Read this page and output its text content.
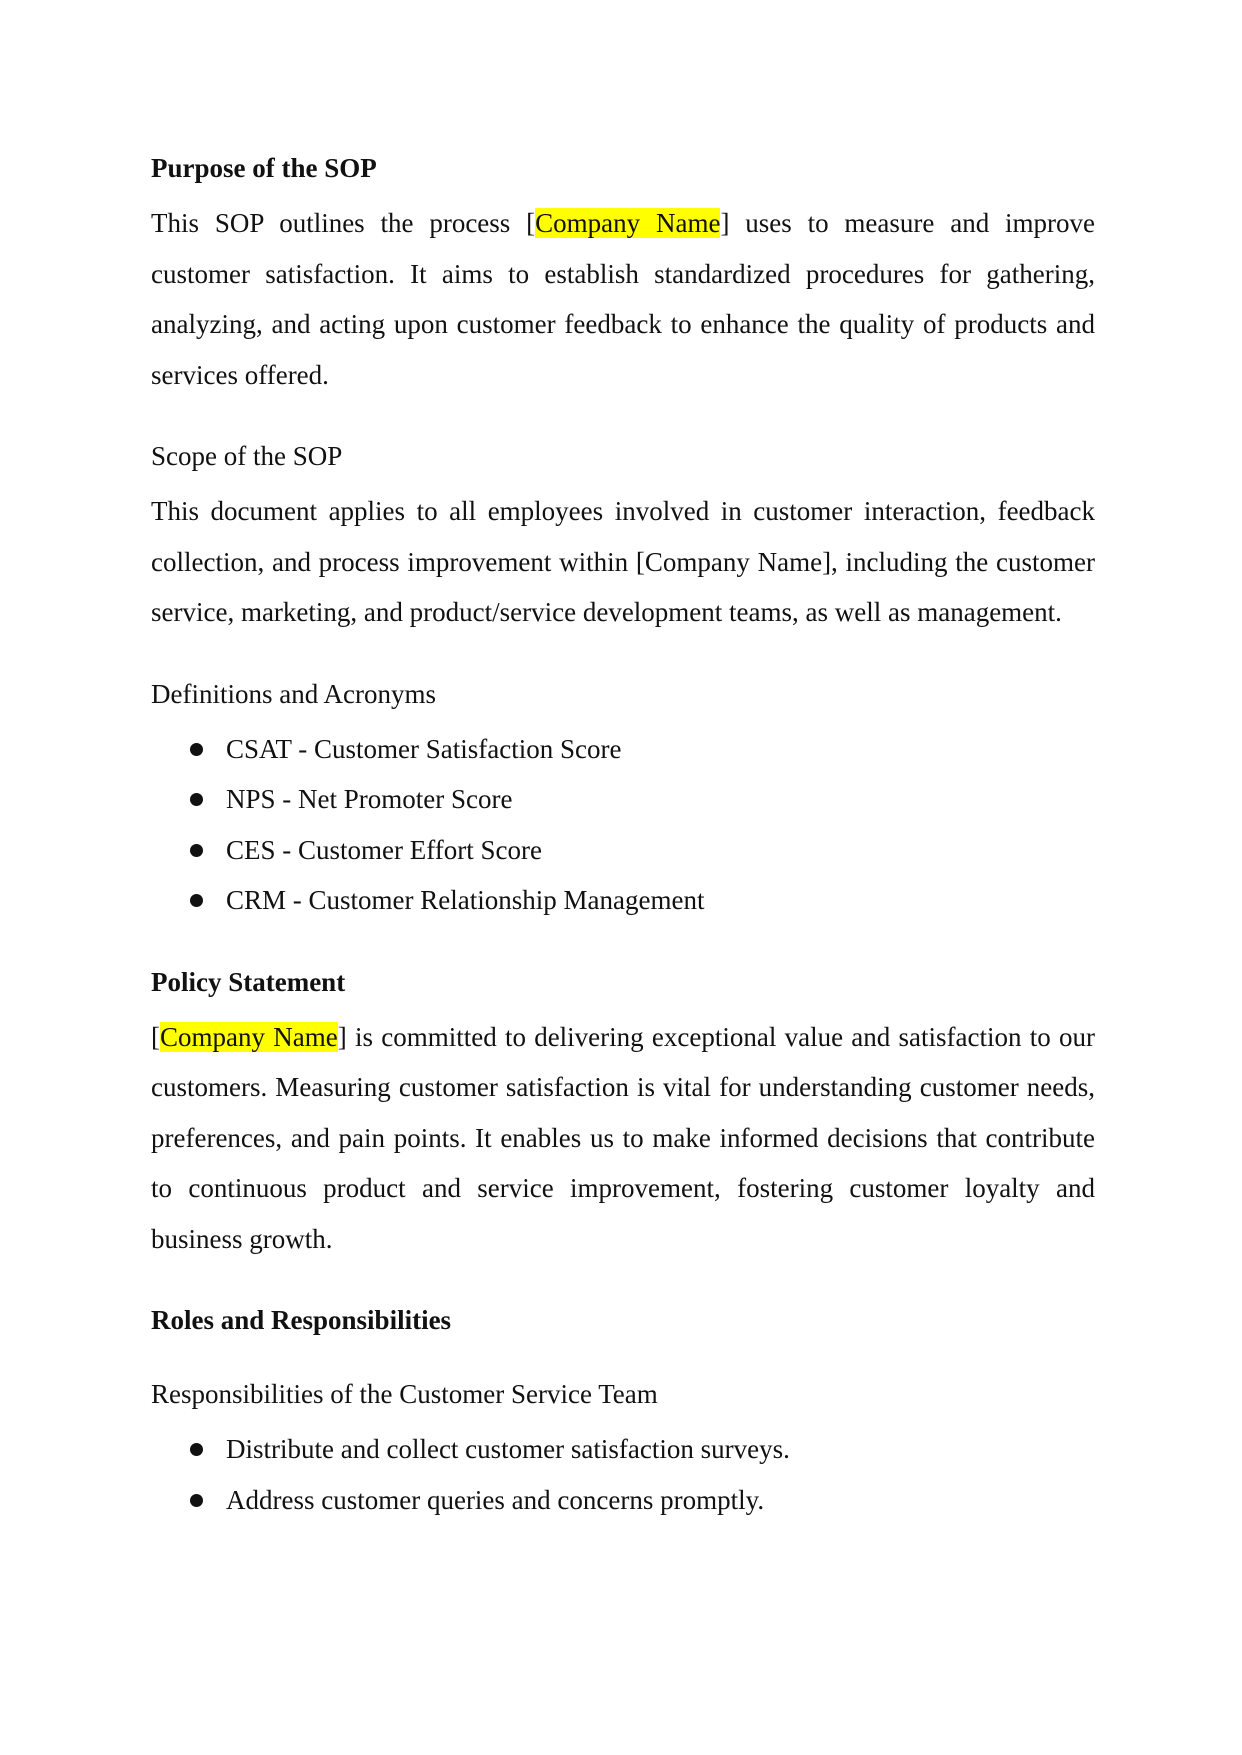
Purpose of the SOP

This SOP outlines the process [Company Name] uses to measure and improve customer satisfaction. It aims to establish standardized procedures for gathering, analyzing, and acting upon customer feedback to enhance the quality of products and services offered.

Scope of the SOP

This document applies to all employees involved in customer interaction, feedback collection, and process improvement within [Company Name], including the customer service, marketing, and product/service development teams, as well as management.

Definitions and Acronyms

CSAT - Customer Satisfaction Score
NPS - Net Promoter Score
CES - Customer Effort Score
CRM - Customer Relationship Management

Policy Statement

[Company Name] is committed to delivering exceptional value and satisfaction to our customers. Measuring customer satisfaction is vital for understanding customer needs, preferences, and pain points. It enables us to make informed decisions that contribute to continuous product and service improvement, fostering customer loyalty and business growth.

Roles and Responsibilities

Responsibilities of the Customer Service Team

Distribute and collect customer satisfaction surveys.
Address customer queries and concerns promptly.
